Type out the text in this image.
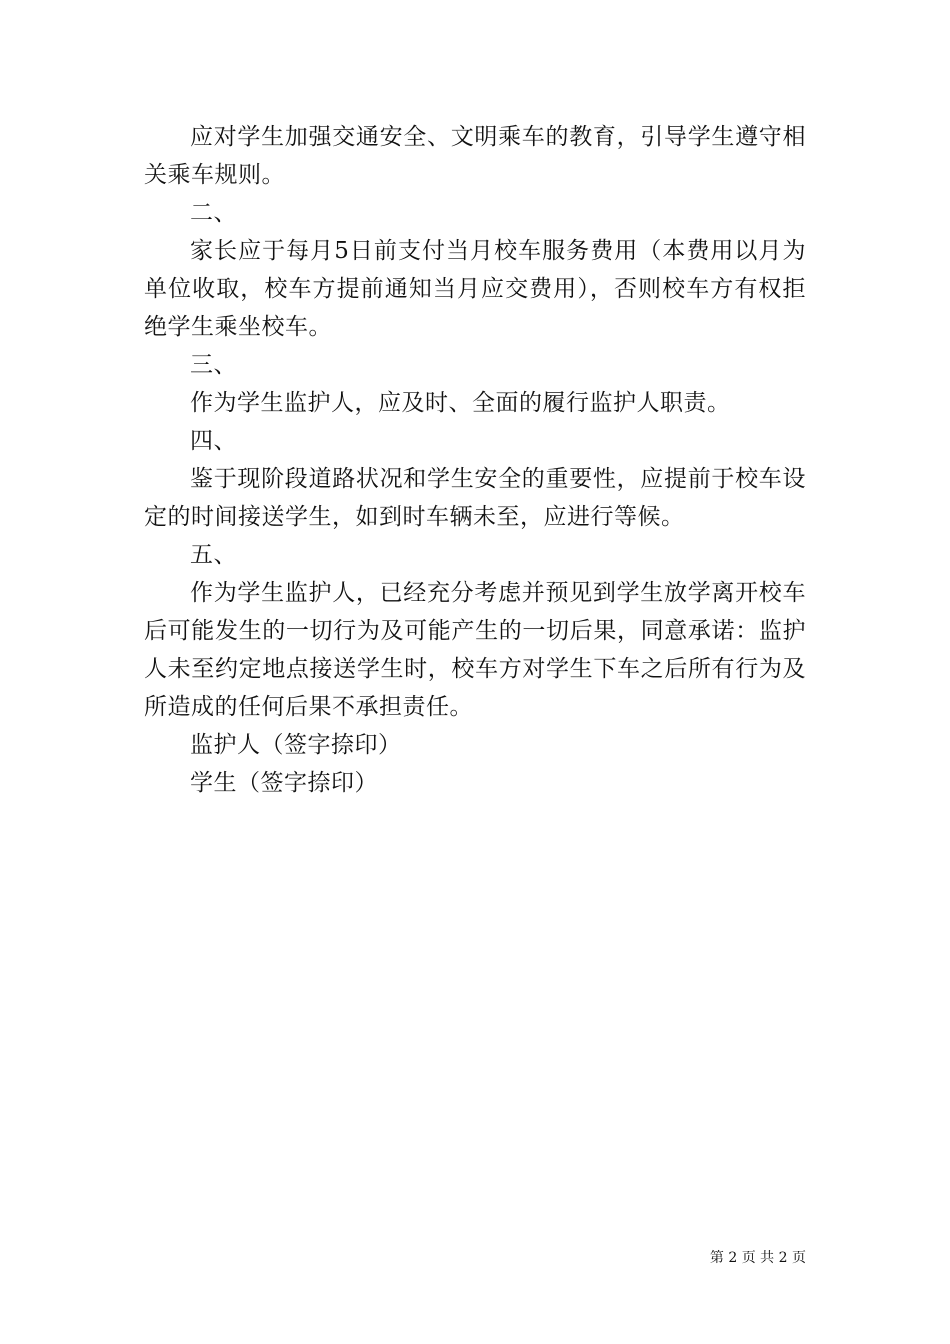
应对学生加强交通安全、文明乘车的教育，引导学生遵守相关乘车规则。

二、

家长应于每月5日前支付当月校车服务费用（本费用以月为单位收取，校车方提前通知当月应交费用），否则校车方有权拒绝学生乘坐校车。

三、

作为学生监护人，应及时、全面的履行监护人职责。

四、

鉴于现阶段道路状况和学生安全的重要性，应提前于校车设定的时间接送学生，如到时车辆未至，应进行等候。

五、

作为学生监护人，已经充分考虑并预见到学生放学离开校车后可能发生的一切行为及可能产生的一切后果，同意承诺：监护人未至约定地点接送学生时，校车方对学生下车之后所有行为及所造成的任何后果不承担责任。

监护人（签字捺印）

学生（签字捺印）

第 2 页 共 2 页
